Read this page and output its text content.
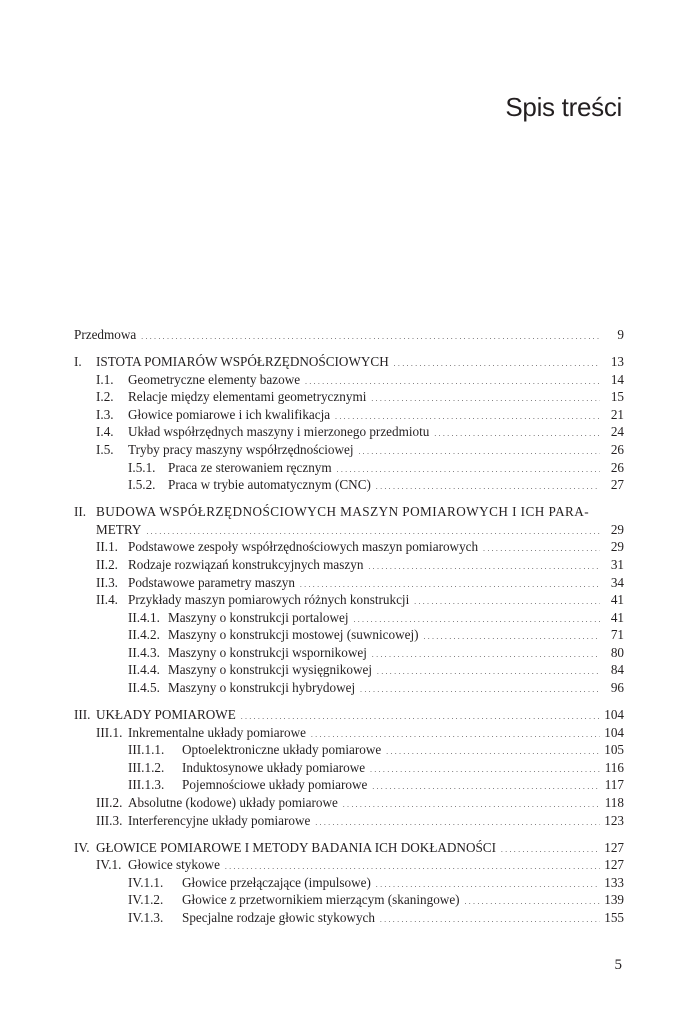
Spis treści
Przedmowa . . .	9
I.	ISTOTA POMIARÓW WSPÓŁRZĘDNOŚCIOWYCH . . .	13
I.1.	Geometryczne elementy bazowe . . .	14
I.2.	Relacje między elementami geometrycznymi . . .	15
I.3.	Głowice pomiarowe i ich kwalifikacja . . .	21
I.4.	Układ współrzędnych maszyny i mierzonego przedmiotu . . .	24
I.5.	Tryby pracy maszyny współrzędnościowej . . .	26
I.5.1. Praca ze sterowaniem ręcznym . . .	26
I.5.2. Praca w trybie automatycznym (CNC) . . .	27
II. BUDOWA WSPÓŁRZĘDNOŚCIOWYCH MASZYN POMIAROWYCH I ICH PARA-
METRY . . .	29
II.1. Podstawowe zespoły współrzędnościowych maszyn pomiarowych . . .	29
II.2. Rodzaje rozwiązań konstrukcyjnych maszyn . . .	31
II.3. Podstawowe parametry maszyn . . .	34
II.4. Przykłady maszyn pomiarowych różnych konstrukcji . . .	41
II.4.1. Maszyny o konstrukcji portalowej . . .	41
II.4.2. Maszyny o konstrukcji mostowej (suwnicowej) . . .	71
II.4.3. Maszyny o konstrukcji wspornikowej . . .	80
II.4.4. Maszyny o konstrukcji wysięgnikowej . . .	84
II.4.5. Maszyny o konstrukcji hybrydowej . . .	96
III. UKŁADY POMIAROWE . . .	104
III.1. Inkrementalne układy pomiarowe . . .	104
III.1.1.	Optoelektroniczne układy pomiarowe . . .	105
III.1.2.	Induktosynowe układy pomiarowe . . .	116
III.1.3.	Pojemnościowe układy pomiarowe . . .	117
III.2. Absolutne (kodowe) układy pomiarowe . . .	118
III.3. Interferencyjne układy pomiarowe . . .	123
IV. GŁOWICE POMIAROWE I METODY BADANIA ICH DOKŁADNOŚCI . . .	127
IV.1. Głowice stykowe . . .	127
IV.1.1.	Głowice przełączające (impulsowe) . . .	133
IV.1.2.	Głowice z przetwornikiem mierzącym (skaningowe) . . .	139
IV.1.3.	Specjalne rodzaje głowic stykowych . . .	155
5
